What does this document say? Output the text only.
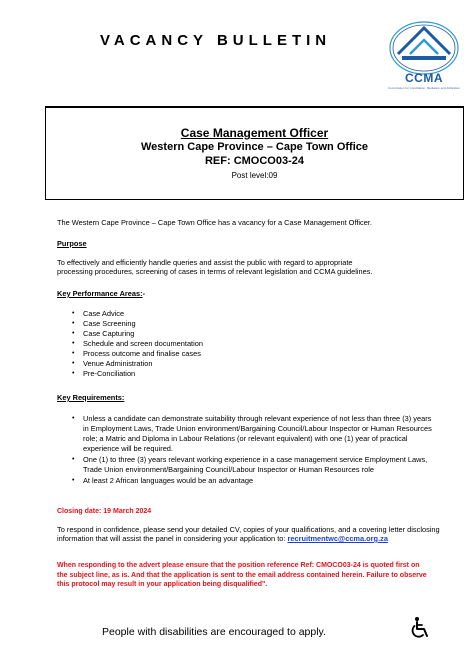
VACANCY BULLETIN
CCMA
Commission for Conciliation, Mediation and Arbitration
Case Management Officer
Western Cape Province – Cape Town Office
REF: CMOCO03-24
Post level:09
The Western Cape Province – Cape Town Office has a vacancy for a Case Management Officer.
Purpose
To effectively and efficiently handle queries and assist the public with regard to appropriate processing procedures, screening of cases in terms of relevant legislation and CCMA guidelines.
Key Performance Areas:-
• Case Advice
• Case Screening
• Case Capturing
• Schedule and screen documentation
• Process outcome and finalise cases
• Venue Administration
• Pre-Conciliation
Key Requirements:
• Unless a candidate can demonstrate suitability through relevant experience of not less than three (3) years in Employment Laws, Trade Union environment/Bargaining Council/Labour Inspector or Human Resources role; a Matric and Diploma in Labour Relations (or relevant equivalent) with one (1) year of practical experience will be required.
• One (1) to three (3) years relevant working experience in a case management service Employment Laws, Trade Union environment/Bargaining Council/Labour Inspector or Human Resources role
• At least 2 African languages would be an advantage
Closing date: 19 March 2024
To respond in confidence, please send your detailed CV, copies of your qualifications, and a covering letter disclosing information that will assist the panel in considering your application to: recruitmentwc@ccma.org.za
When responding to the advert please ensure that the position reference Ref: CMOCO03-24 is quoted first on the subject line, as is. And that the application is sent to the email address contained herein. Failure to observe this protocol may result in your application being disqualified".
People with disabilities are encouraged to apply.
